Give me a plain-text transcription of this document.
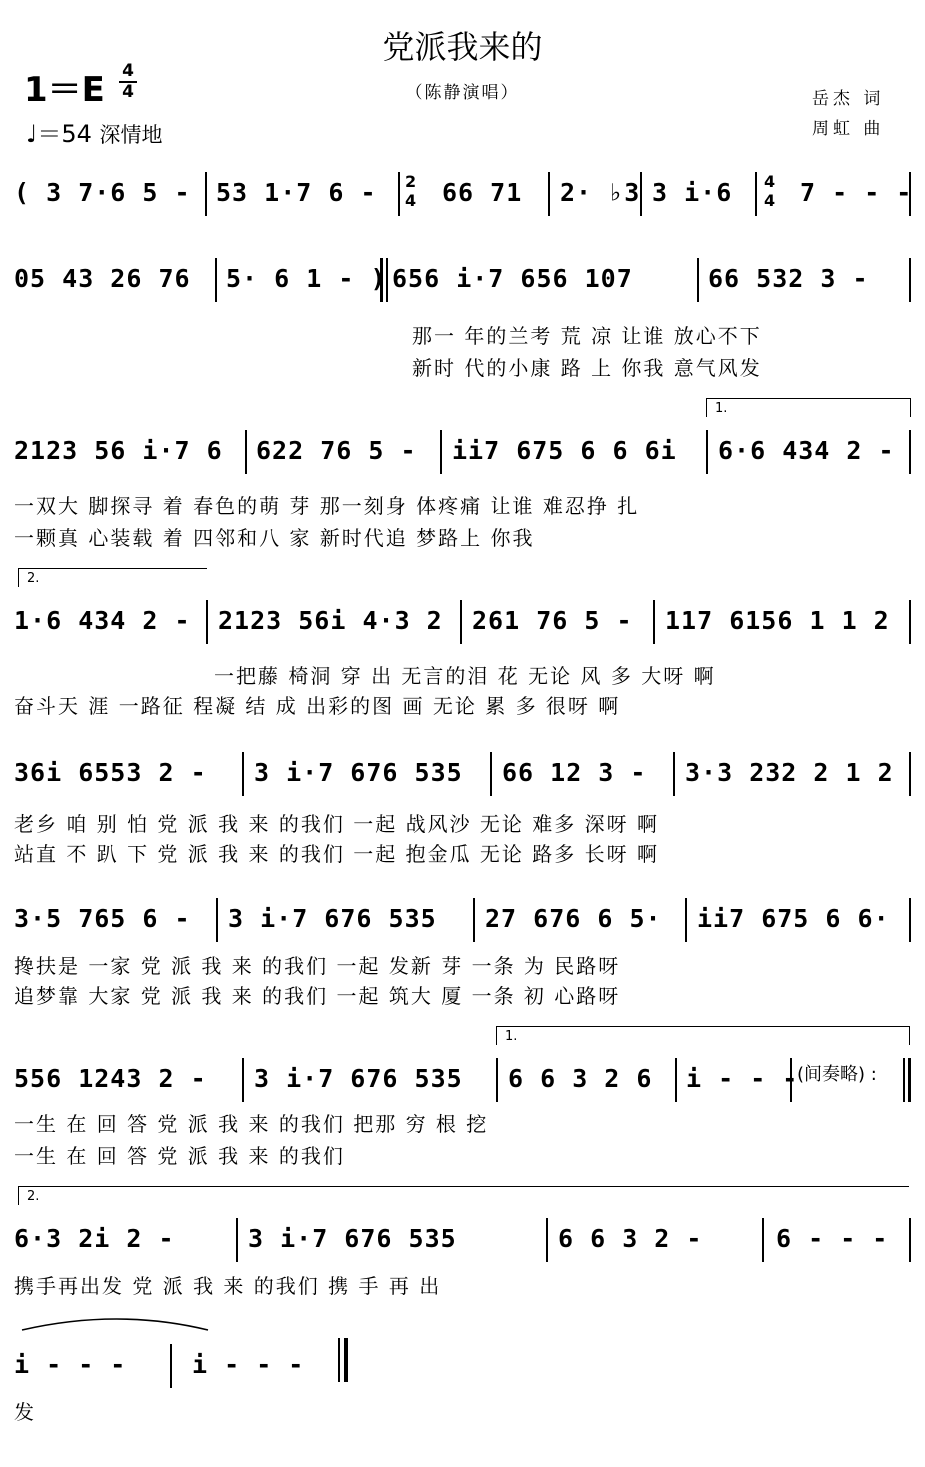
党派我来的
（陈静演唱）
1＝E 4
4
♩＝54 深情地
岳杰 词
周虹 曲
( 3 7·6 5 - 53 1·7 6 - 2
4 66 71 2· ♭3 3 i·6 4
4 7 - - -
05 43 26 76 5· 6 1 - ) 656 i·7 656 107	66 532 3 -
那一 年的兰考 荒 凉 让谁 放心不下
新时 代的小康 路 上 你我 意气风发
1.
2123 56 i·7 6 622 76 5 - ii7 675 6 6 6i 6·6 434 2 -
一双大 脚探寻 着 春色的萌 芽 那一刻身 体疼痛 让谁 难忍挣 扎
一颗真 心装载 着 四邻和八 家 新时代追 梦路上 你我
2.
1·6 434 2 - 2123 56i 4·3 2 261 76 5 - 117 6156 1 1 2
一把藤 椅洞 穿 出 无言的泪 花 无论 风 多 大呀 啊
奋斗天 涯 一路征 程凝 结 成 出彩的图 画 无论 累 多 很呀 啊
36i 6553 2 - 3 i·7 676 535 66 12 3 - 3·3 232 2 1 2
老乡 咱 别 怕 党 派 我 来 的我们 一起 战风沙 无论 难多 深呀 啊
站直 不 趴 下 党 派 我 来 的我们 一起 抱金瓜 无论 路多 长呀 啊
3·5 765 6 - 3 i·7 676 535 27 676 6 5· ii7 675 6 6·
搀扶是 一家 党 派 我 来 的我们 一起 发新 芽 一条 为 民路呀
追梦靠 大家 党 派 我 来 的我们 一起 筑大 厦 一条 初 心路呀
1.
556 1243 2 - 3 i·7 676 535 6 6 3 2 6 i - - -
(间奏略) :
一生 在 回 答 党 派 我 来 的我们 把那 穷 根 挖
一生 在 回 答 党 派 我 来 的我们
2.
6·3 2i 2 -	3 i·7 676 535	6 6 3 2 -	6 - - -
携手再出发 党 派 我 来 的我们 携 手 再 出
i - - -	i - - -
发
